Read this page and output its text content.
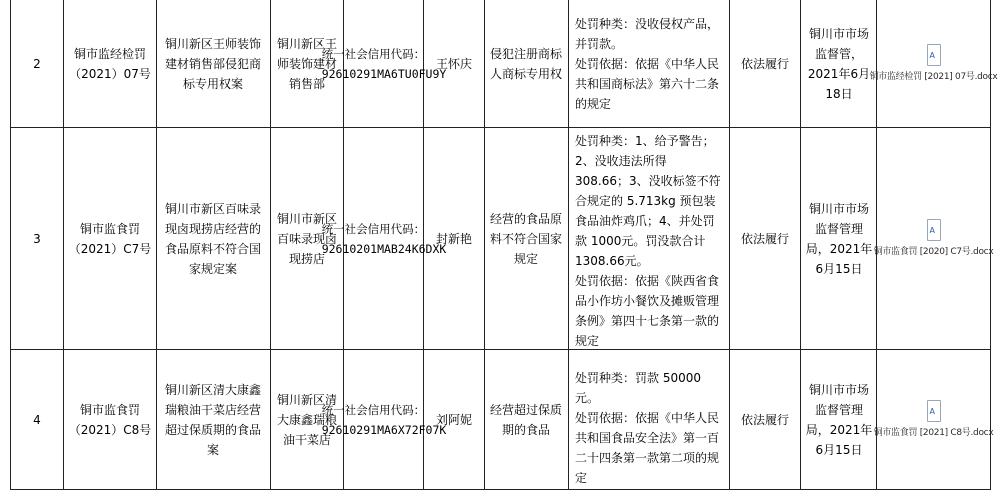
2
铜市监经检罚（2021）07号
铜川新区王师装饰建材销售部侵犯商标专用权案
铜川新区王师装饰建材销售部
统一社会信用代码：92610291MA6TU0FU9Y
王怀庆
侵犯注册商标人商标专用权
处罚种类：没收侵权产品，并罚款。
处罚依据：依据《中华人民共和国商标法》第六十二条的规定
依法履行
铜川市市场监督管，2021年6月18日
A
铜市监经检罚 [2021] 07号.docx
3
铜市监食罚（2021）C7号
铜川市新区百味录现卤现捞店经营的食品原料不符合国家规定案
铜川市新区百味录现卤现捞店
统一社会信用代码：92610201MAB24K6DXK
封新艳
经营的食品原料不符合国家规定
处罚种类：1、给予警告；2、没收违法所得 308.66；3、没收标签不符合规定的 5.713kg 预包装食品油炸鸡爪；4、并处罚款 1000元。罚没款合计 1308.66元。
处罚依据：依据《陕西省食品小作坊小餐饮及摊贩管理条例》第四十七条第一款的规定
依法履行
铜川市市场监督管理局，2021年6月15日
A
铜市监食罚 [2020] C7号.docx
4
铜市监食罚（2021）C8号
铜川新区清大康鑫瑞粮油干菜店经营超过保质期的食品案
铜川新区清大康鑫瑞粮油干菜店
统一社会信用代码：92610291MA6X72F07K
刘阿妮
经营超过保质期的食品
处罚种类：罚款 50000元。
处罚依据：依据《中华人民共和国食品安全法》第一百二十四条第一款第二项的规定
依法履行
铜川市市场监督管理局，2021年6月15日
A
铜市监食罚 [2021] C8号.docx
